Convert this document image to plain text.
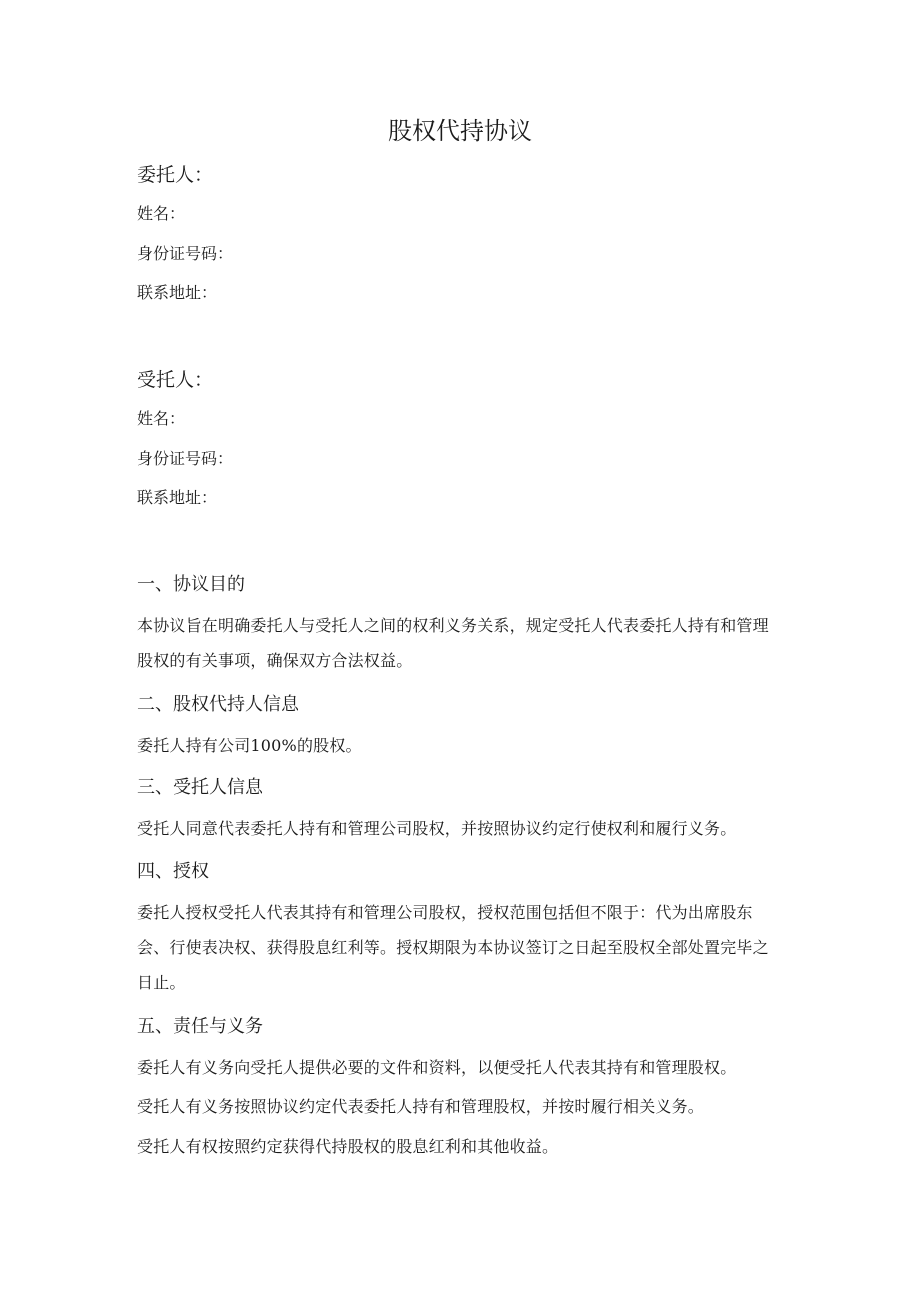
股权代持协议
委托人：
姓名：
身份证号码：
联系地址：
受托人：
姓名：
身份证号码：
联系地址：
一、协议目的

本协议旨在明确委托人与受托人之间的权利义务关系，规定受托人代表委托人持有和管理股权的有关事项，确保双方合法权益。

二、股权代持人信息

委托人持有公司100%的股权。

三、受托人信息

受托人同意代表委托人持有和管理公司股权，并按照协议约定行使权利和履行义务。

四、授权

委托人授权受托人代表其持有和管理公司股权，授权范围包括但不限于：代为出席股东会、行使表决权、获得股息红利等。授权期限为本协议签订之日起至股权全部处置完毕之日止。

五、责任与义务

委托人有义务向受托人提供必要的文件和资料，以便受托人代表其持有和管理股权。

受托人有义务按照协议约定代表委托人持有和管理股权，并按时履行相关义务。

受托人有权按照约定获得代持股权的股息红利和其他收益。
